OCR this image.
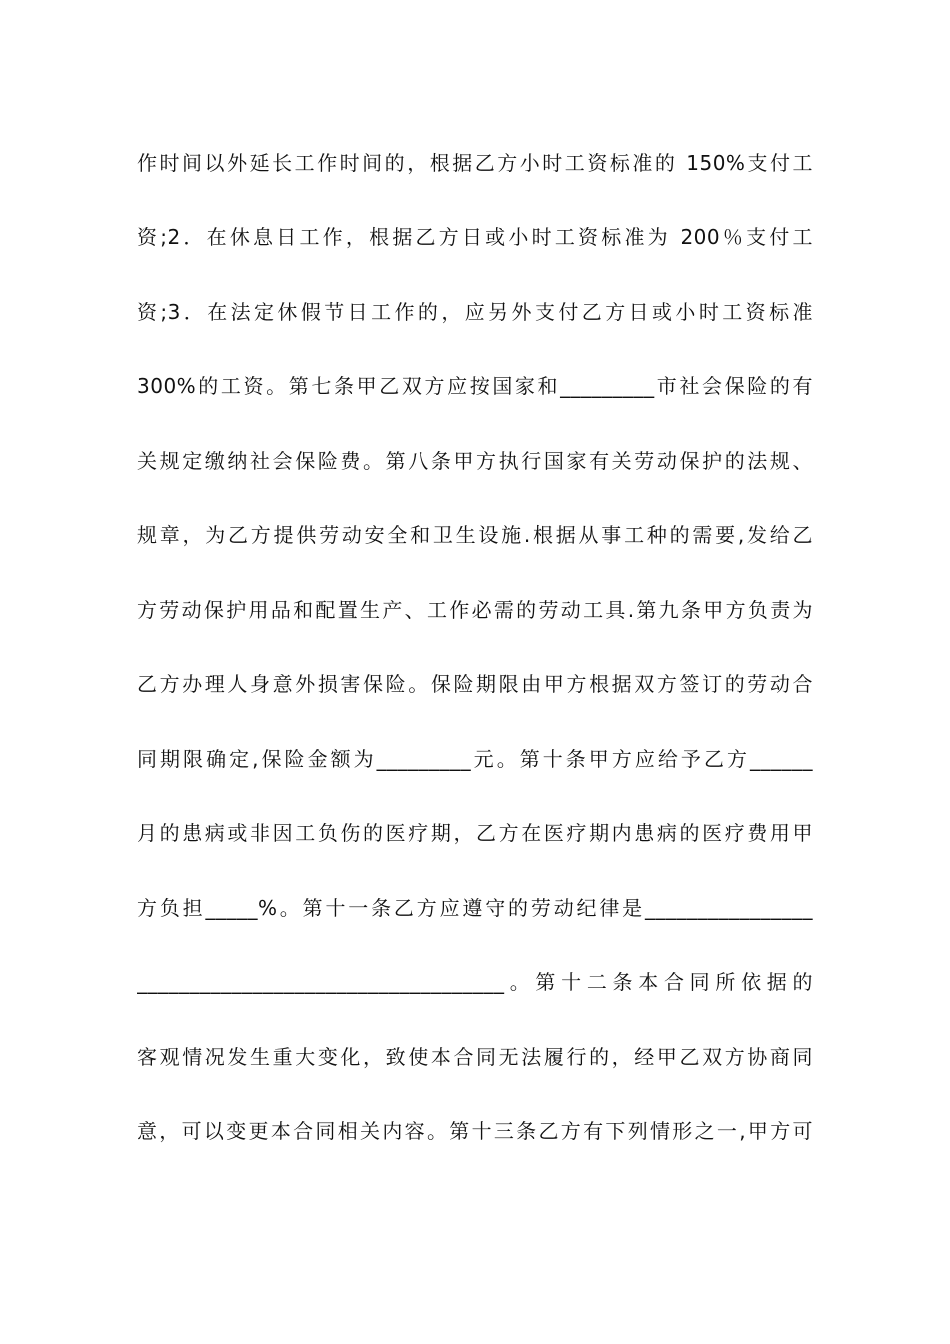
作时间以外延长工作时间的，根据乙方小时工资标准的 150%支付工
资;2．在休息日工作，根据乙方日或小时工资标准为 200％支付工
资;3．在法定休假节日工作的，应另外支付乙方日或小时工资标准
300%的工资。第七条甲乙双方应按国家和_________市社会保险的有
关规定缴纳社会保险费。第八条甲方执行国家有关劳动保护的法规、
规章，为乙方提供劳动安全和卫生设施.根据从事工种的需要,发给乙
方劳动保护用品和配置生产、工作必需的劳动工具.第九条甲方负责为
乙方办理人身意外损害保险。保险期限由甲方根据双方签订的劳动合
同期限确定,保险金额为_________元。第十条甲方应给予乙方______
月的患病或非因工负伤的医疗期，乙方在医疗期内患病的医疗费用甲
方负担_____%。第十一条乙方应遵守的劳动纪律是________________
___________________________________。第十二条本合同所依据的
客观情况发生重大变化，致使本合同无法履行的，经甲乙双方协商同
意，可以变更本合同相关内容。第十三条乙方有下列情形之一,甲方可
